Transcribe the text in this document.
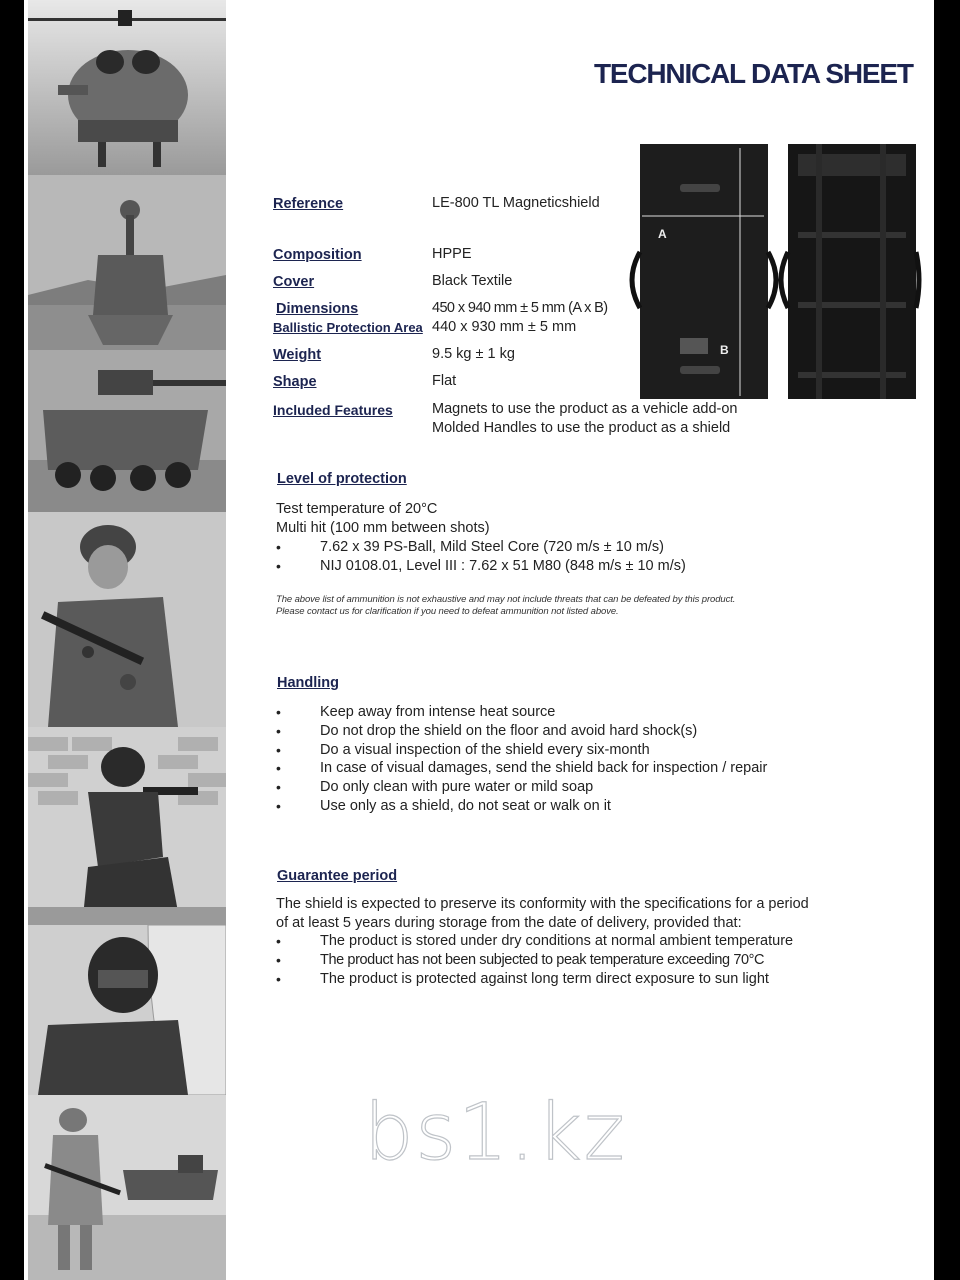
TECHNICAL DATA SHEET
A
B
Reference	LE-800 TL Magneticshield
Composition	HPPE
Cover	Black Textile
Dimensions	450 x 940 mm ± 5 mm (A x B)
Ballistic Protection Area 440 x 930 mm ± 5 mm
Weight	9.5 kg ± 1 kg
Shape	Flat
Included Features	Magnets to use the product as a vehicle add-on
Molded Handles to use the product as a shield
Level of protection
Test temperature of 20°C
Multi hit (100 mm between shots)
• 7.62 x 39 PS-Ball, Mild Steel Core (720 m/s ± 10 m/s)
• NIJ 0108.01, Level III : 7.62 x 51 M80 (848 m/s ± 10 m/s)
The above list of ammunition is not exhaustive and may not include threats that can be defeated by this product.
Please contact us for clarification if you need to defeat ammunition not listed above.
Handling
• Keep away from intense heat source
• Do not drop the shield on the floor and avoid hard shock(s)
• Do a visual inspection of the shield every six-month
• In case of visual damages, send the shield back for inspection / repair
• Do only clean with pure water or mild soap
• Use only as a shield, do not seat or walk on it
Guarantee period
The shield is expected to preserve its conformity with the specifications for a period
of at least 5 years during storage from the date of delivery, provided that:
• The product is stored under dry conditions at normal ambient temperature
• The product has not been subjected to peak temperature exceeding 70°C
• The product is protected against long term direct exposure to sun light
bs1.kz
